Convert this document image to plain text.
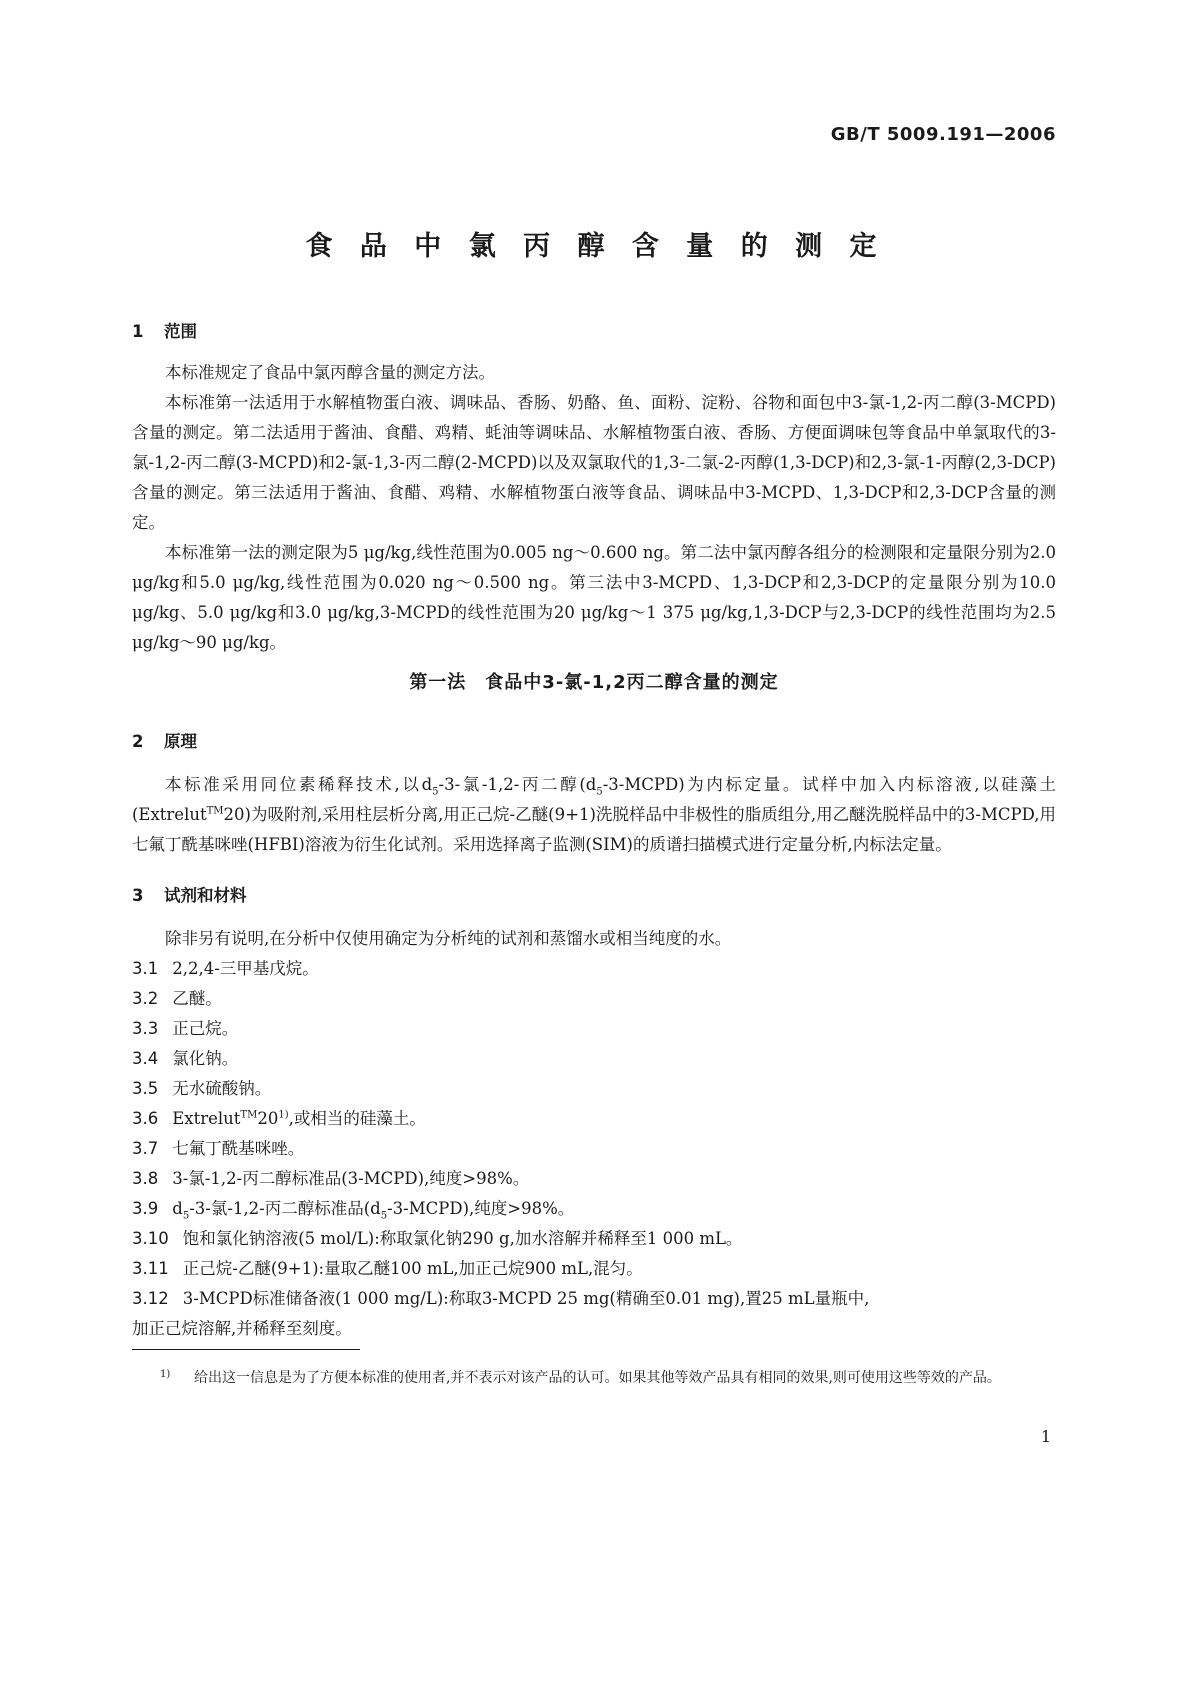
GB/T 5009.191—2006
食 品 中 氯 丙 醇 含 量 的 测 定

1 范围

本标准规定了食品中氯丙醇含量的测定方法。

本标准第一法适用于水解植物蛋白液、调味品、香肠、奶酪、鱼、面粉、淀粉、谷物和面包中3-氯-1,2-丙二醇(3-MCPD)含量的测定。第二法适用于酱油、食醋、鸡精、蚝油等调味品、水解植物蛋白液、香肠、方便面调味包等食品中单氯取代的3-氯-1,2-丙二醇(3-MCPD)和2-氯-1,3-丙二醇(2-MCPD)以及双氯取代的1,3-二氯-2-丙醇(1,3-DCP)和2,3-氯-1-丙醇(2,3-DCP)含量的测定。第三法适用于酱油、食醋、鸡精、水解植物蛋白液等食品、调味品中3-MCPD、1,3-DCP和2,3-DCP含量的测定。

本标准第一法的测定限为5 μg/kg,线性范围为0.005 ng～0.600 ng。第二法中氯丙醇各组分的检测限和定量限分别为2.0 μg/kg和5.0 μg/kg,线性范围为0.020 ng～0.500 ng。第三法中3-MCPD、1,3-DCP和2,3-DCP的定量限分别为10.0 μg/kg、5.0 μg/kg和3.0 μg/kg,3-MCPD的线性范围为20 μg/kg～1 375 μg/kg,1,3-DCP与2,3-DCP的线性范围均为2.5 μg/kg～90 μg/kg。

第一法　食品中3-氯-1,2丙二醇含量的测定

2 原理

本标准采用同位素稀释技术,以$d_5-3-$氯-1,2-丙二醇$(d_5-3-MCPD)$为内标定量。试样中加入内标溶液,以硅藻土(Extrelut™20)为吸附剂,采用柱层析分离,用正己烷-乙醚(9+1)洗脱样品中非极性的脂质组分,用乙醚洗脱样品中的3-MCPD,用七氟丁酰基咪唑(HFBI)溶液为衍生化试剂。采用选择离子监测(SIM)的质谱扫描模式进行定量分析,内标法定量。

3 试剂和材料

除非另有说明,在分析中仅使用确定为分析纯的试剂和蒸馏水或相当纯度的水。

3.1 2,2,4-三甲基戊烷。

3.2 乙醚。

3.3 正己烷。

3.4 氯化钠。

3.5 无水硫酸钠。

3.6 Extrelut™20$^{1)}$,或相当的硅藻土。

3.7 七氟丁酰基咪唑。

3.8 3-氯-1,2-丙二醇标准品(3-MCPD),纯度>98%。

3.9 $d_5-3-$氯-1,2-丙二醇标准品$(d_5-3-MCPD)$,纯度>98%。

3.10 饱和氯化钠溶液(5 mol/L):称取氯化钠290 g,加水溶解并稀释至1 000 mL。

3.11 正己烷-乙醚(9+1):量取乙醚100 mL,加正己烷900 mL,混匀。

3.12 3-MCPD标准储备液(1 000 mg/L):称取3-MCPD 25 mg(精确至0.01 mg),置25 mL量瓶中,

加正己烷溶解,并稀释至刻度。

1) 给出这一信息是为了方便本标准的使用者,并不表示对该产品的认可。如果其他等效产品具有相同的效果,则可使用这些等效的产品。
1
